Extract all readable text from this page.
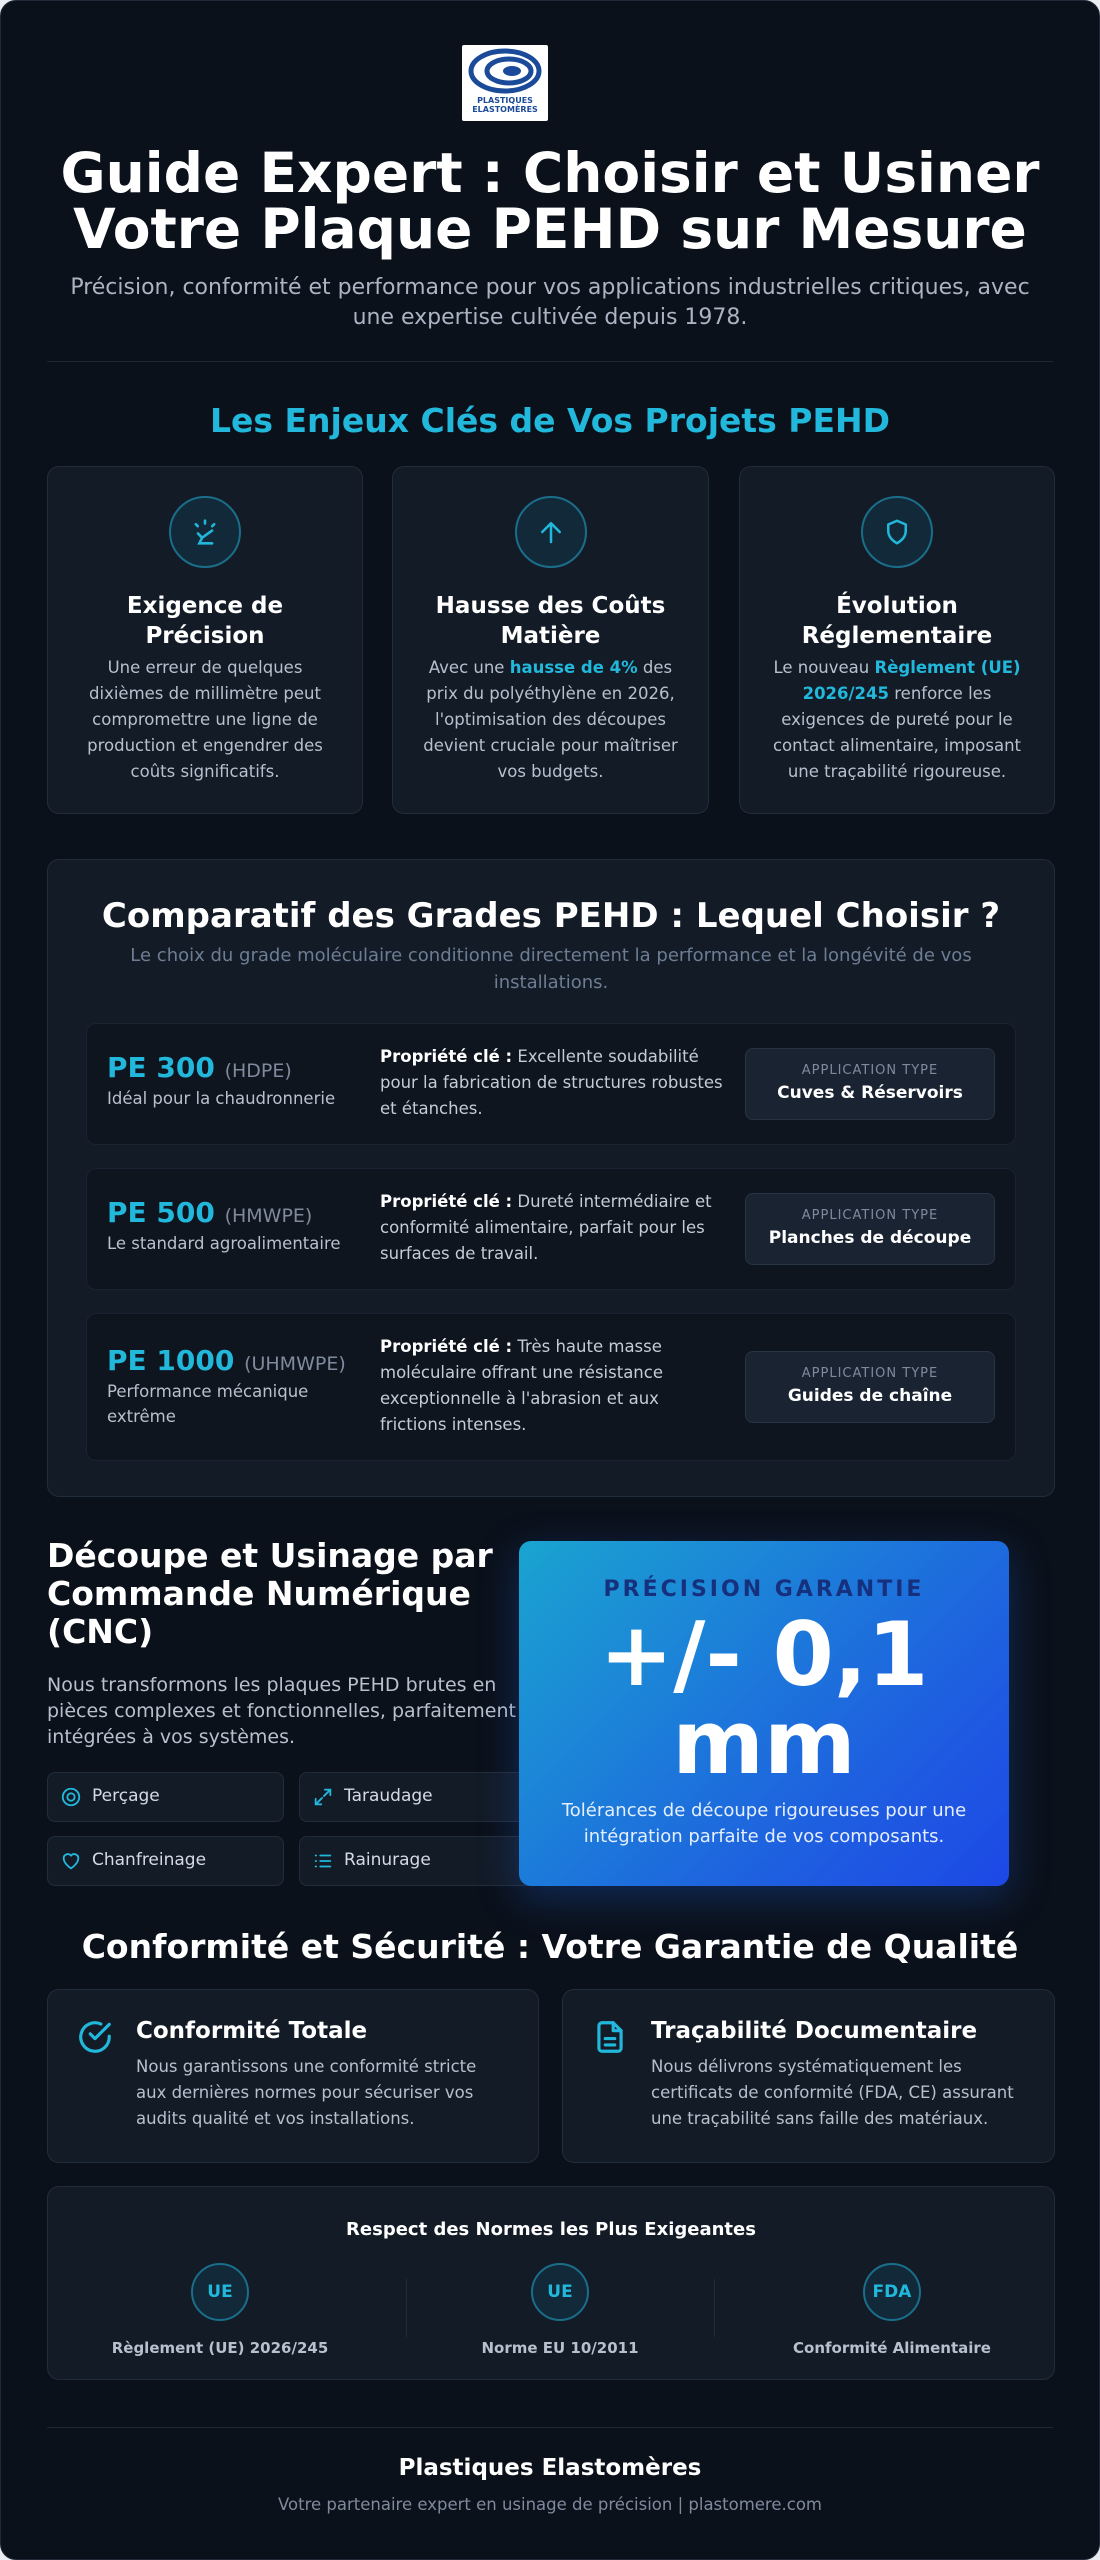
PLASTIQUES
ELASTOMÈRES
Guide Expert : Choisir et Usiner
Votre Plaque PEHD sur Mesure
Précision, conformité et performance pour vos applications industrielles critiques, avec une expertise cultivée depuis 1978.
Les Enjeux Clés de Vos Projets PEHD
Exigence de Précision
Une erreur de quelques dixièmes de millimètre peut compromettre une ligne de production et engendrer des coûts significatifs.
Hausse des Coûts Matière
Avec une hausse de 4% des prix du polyéthylène en 2026, l'optimisation des découpes devient cruciale pour maîtriser vos budgets.
Évolution Réglementaire
Le nouveau Règlement (UE) 2026/245 renforce les exigences de pureté pour le contact alimentaire, imposant une traçabilité rigoureuse.
Comparatif des Grades PEHD : Lequel Choisir ?
Le choix du grade moléculaire conditionne directement la performance et la longévité de vos installations.
PE 300 (HDPE)
Idéal pour la chaudronnerie
Propriété clé : Excellente soudabilité pour la fabrication de structures robustes et étanches.
APPLICATION TYPE
Cuves & Réservoirs
PE 500 (HMWPE)
Le standard agroalimentaire
Propriété clé : Dureté intermédiaire et conformité alimentaire, parfait pour les surfaces de travail.
APPLICATION TYPE
Planches de découpe
PE 1000 (UHMWPE)
Performance mécanique extrême
Propriété clé : Très haute masse moléculaire offrant une résistance exceptionnelle à l'abrasion et aux frictions intenses.
APPLICATION TYPE
Guides de chaîne
Découpe et Usinage par Commande Numérique (CNC)
Nous transformons les plaques PEHD brutes en pièces complexes et fonctionnelles, parfaitement intégrées à vos systèmes.
Perçage	Taraudage
Chanfreinage	Rainurage
PRÉCISION GARANTIE
+/- 0,1
mm
Tolérances de découpe rigoureuses pour une intégration parfaite de vos composants.
Conformité et Sécurité : Votre Garantie de Qualité
Conformité Totale
Nous garantissons une conformité stricte aux dernières normes pour sécuriser vos audits qualité et vos installations.
Traçabilité Documentaire
Nous délivrons systématiquement les certificats de conformité (FDA, CE) assurant une traçabilité sans faille des matériaux.
Respect des Normes les Plus Exigeantes
UE
Règlement (UE) 2026/245
UE
Norme EU 10/2011
FDA
Conformité Alimentaire
Plastiques Elastomères
Votre partenaire expert en usinage de précision | plastomere.com
